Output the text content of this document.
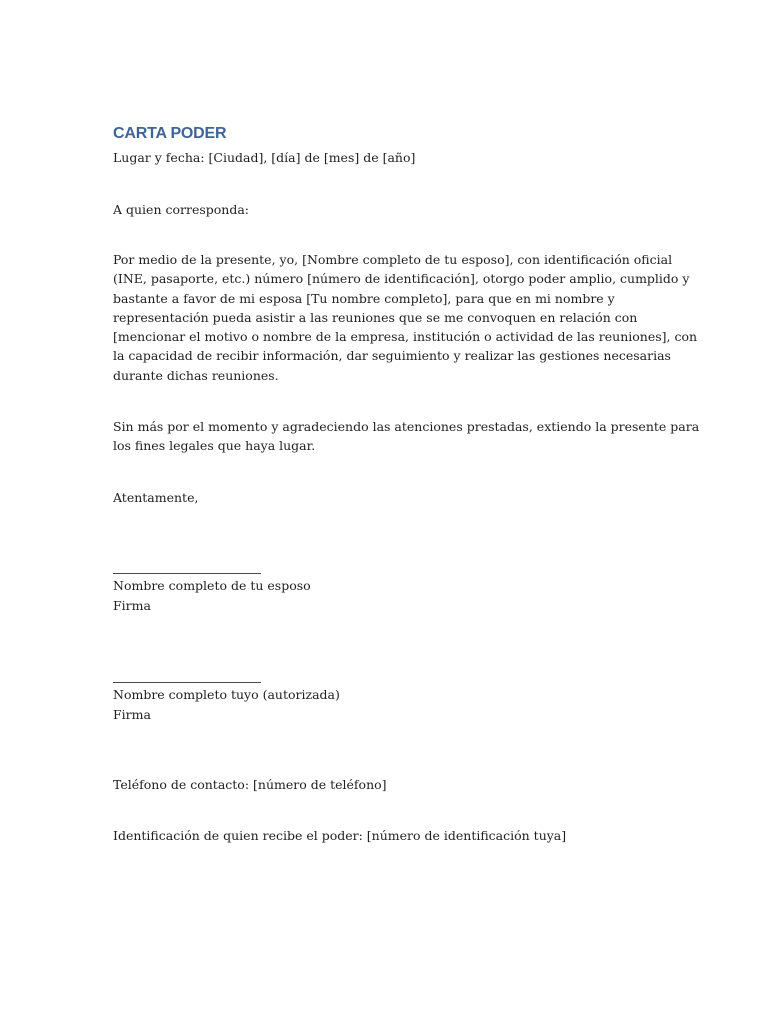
CARTA PODER
Lugar y fecha: [Ciudad], [día] de [mes] de [año]
A quien corresponda:
Por medio de la presente, yo, [Nombre completo de tu esposo], con identificación oficial
(INE, pasaporte, etc.) número [número de identificación], otorgo poder amplio, cumplido y
bastante a favor de mi esposa [Tu nombre completo], para que en mi nombre y
representación pueda asistir a las reuniones que se me convoquen en relación con
[mencionar el motivo o nombre de la empresa, institución o actividad de las reuniones], con
la capacidad de recibir información, dar seguimiento y realizar las gestiones necesarias
durante dichas reuniones.
Sin más por el momento y agradeciendo las atenciones prestadas, extiendo la presente para
los fines legales que haya lugar.
Atentamente,
Nombre completo de tu esposo
Firma
Nombre completo tuyo (autorizada)
Firma
Teléfono de contacto: [número de teléfono]
Identificación de quien recibe el poder: [número de identificación tuya]
